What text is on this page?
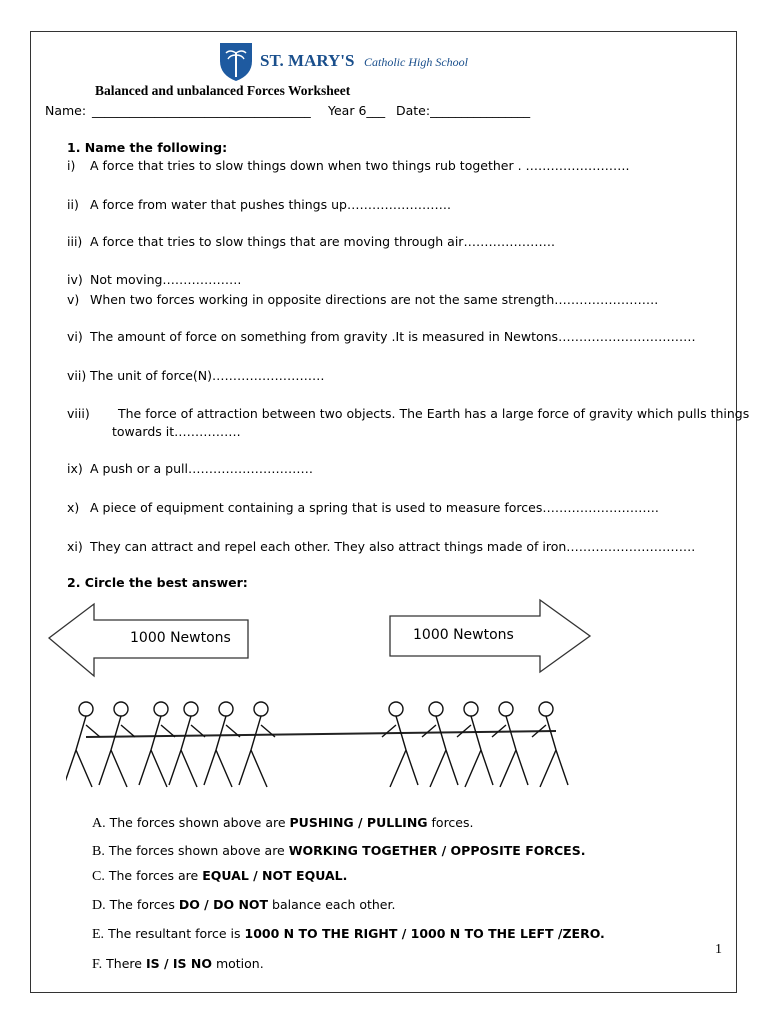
ST. MARY'S Catholic High School
Balanced and unbalanced Forces Worksheet
Name: ___________________________________ Year 6___ Date:________________
1. Name the following:
i) A force that tries to slow things down when two things rub together . …………………….
ii) A force from water that pushes things up…………………….
iii) A force that tries to slow things that are moving through air………………….
iv) Not moving……………….
v) When two forces working in opposite directions are not the same strength…………………….
vi) The amount of force on something from gravity .It is measured in Newtons……………………………
vii) The unit of force(N)………………………
viii) The force of attraction between two objects. The Earth has a large force of gravity which pulls things
towards it…………….
ix) A push or a pull…………………………
x) A piece of equipment containing a spring that is used to measure forces……………………….
xi) They can attract and repel each other. They also attract things made of iron………………………….
2. Circle the best answer:
1000 Newtons	1000 Newtons
A. The forces shown above are PUSHING / PULLING forces.
B. The forces shown above are WORKING TOGETHER / OPPOSITE FORCES.
C. The forces are EQUAL / NOT EQUAL.
D. The forces DO / DO NOT balance each other.
E. The resultant force is 1000 N TO THE RIGHT / 1000 N TO THE LEFT /ZERO.
F. There IS / IS NO motion.
1
